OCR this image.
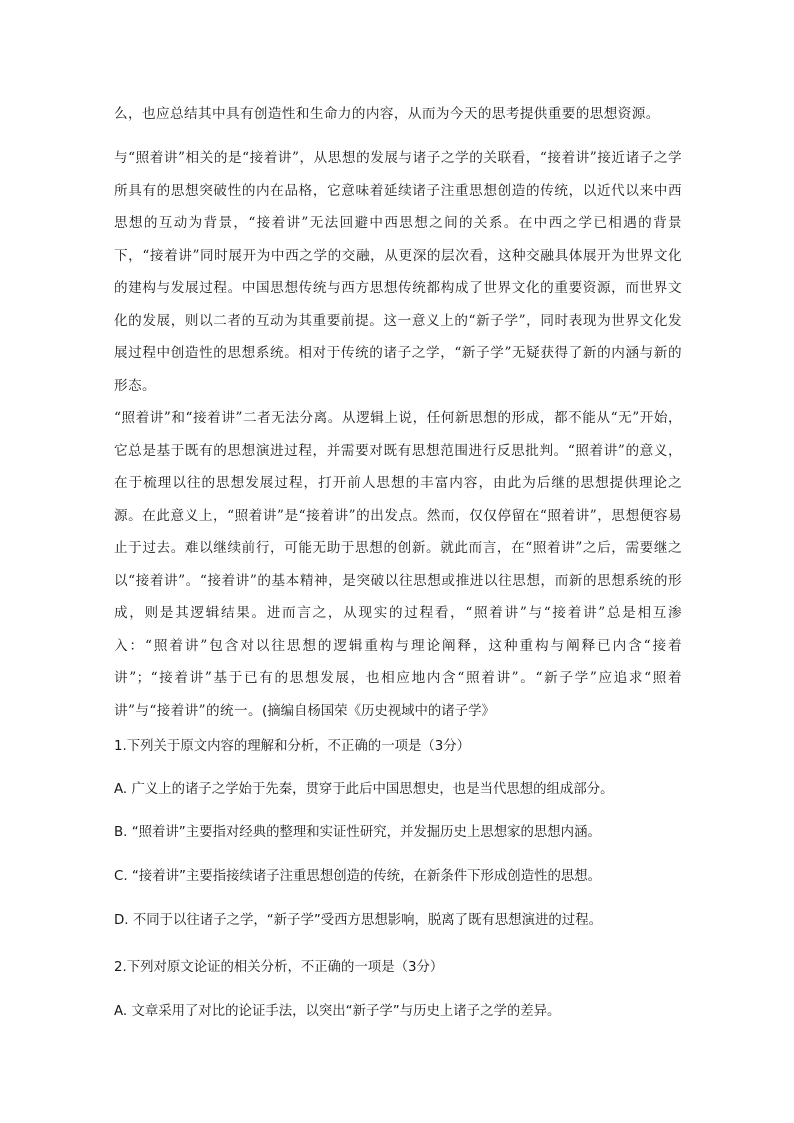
么，也应总结其中具有创造性和生命力的内容，从而为今天的思考提供重要的思想资源。

与“照着讲”相关的是“接着讲”，从思想的发展与诸子之学的关联看，“接着讲”接近诸子之学所具有的思想突破性的内在品格，它意味着延续诸子注重思想创造的传统，以近代以来中西思想的互动为背景，“接着讲”无法回避中西思想之间的关系。在中西之学已相遇的背景下，“接着讲”同时展开为中西之学的交融，从更深的层次看，这种交融具体展开为世界文化的建构与发展过程。中国思想传统与西方思想传统都构成了世界文化的重要资源，而世界文化的发展，则以二者的互动为其重要前提。这一意义上的“新子学”，同时表现为世界文化发展过程中创造性的思想系统。相对于传统的诸子之学，“新子学”无疑获得了新的内涵与新的形态。

“照着讲”和“接着讲”二者无法分离。从逻辑上说，任何新思想的形成，都不能从“无”开始，它总是基于既有的思想演进过程，并需要对既有思想范围进行反思批判。“照着讲”的意义，在于梳理以往的思想发展过程，打开前人思想的丰富内容，由此为后继的思想提供理论之源。在此意义上，“照着讲”是“接着讲”的出发点。然而，仅仅停留在“照着讲”，思想便容易止于过去。难以继续前行，可能无助于思想的创新。就此而言，在“照着讲”之后，需要继之以“接着讲”。“接着讲”的基本精神，是突破以往思想或推进以往思想，而新的思想系统的形成，则是其逻辑结果。进而言之，从现实的过程看，“照着讲”与“接着讲”总是相互渗入：“照着讲”包含对以往思想的逻辑重构与理论阐释，这种重构与阐释已内含“接着讲”；“接着讲”基于已有的思想发展，也相应地内含“照着讲”。“新子学”应追求“照着讲”与“接着讲”的统一。(摘编自杨国荣《历史视域中的诸子学》

1.下列关于原文内容的理解和分析，不正确的一项是（3分）

A. 广义上的诸子之学始于先秦，贯穿于此后中国思想史，也是当代思想的组成部分。

B. “照着讲”主要指对经典的整理和实证性研究，并发掘历史上思想家的思想内涵。

C. “接着讲”主要指接续诸子注重思想创造的传统，在新条件下形成创造性的思想。

D. 不同于以往诸子之学，“新子学”受西方思想影响，脱离了既有思想演进的过程。

2.下列对原文论证的相关分析，不正确的一项是（3分）

A. 文章采用了对比的论证手法，以突出“新子学”与历史上诸子之学的差异。
